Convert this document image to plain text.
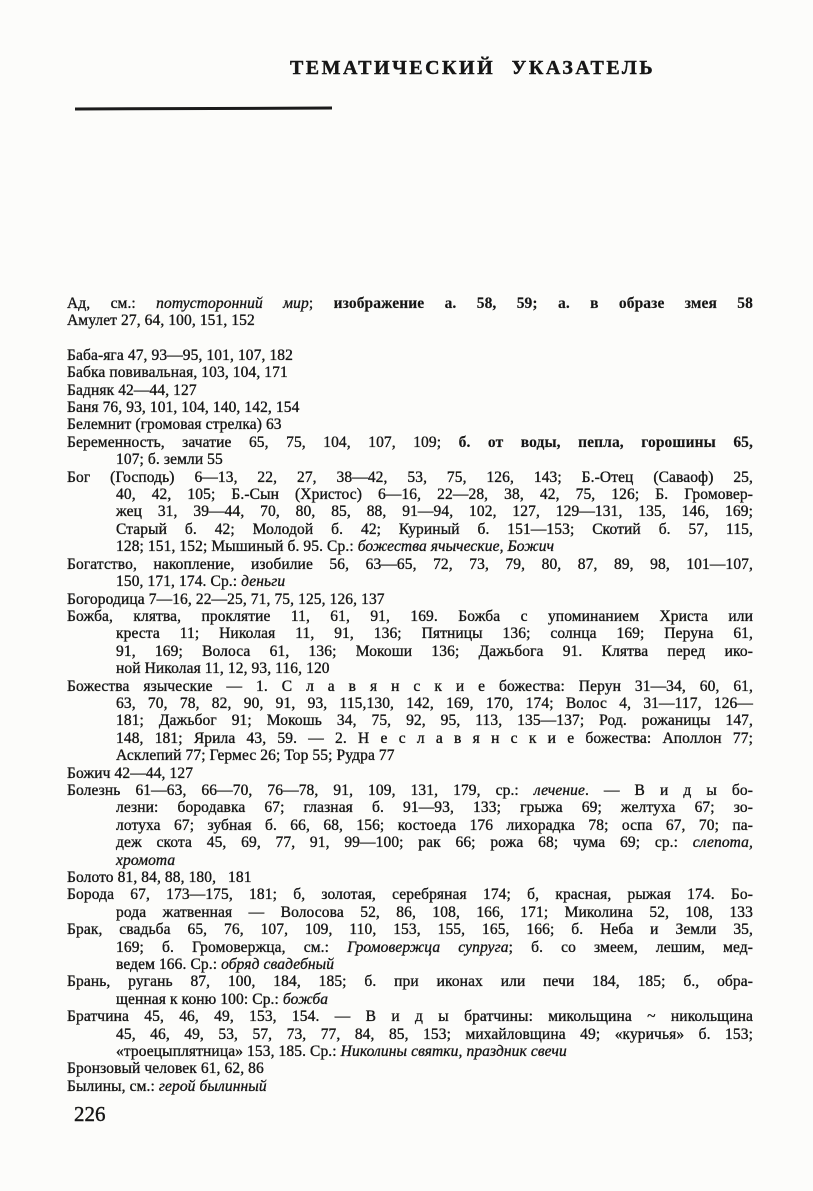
ТЕМАТИЧЕСКИЙ УКАЗАТЕЛЬ
Ад, см.: потусторонний мир; изображение а. 58, 59; а. в образе змея 58
Амулет 27, 64, 100, 151, 152
Баба-яга 47, 93—95, 101, 107, 182
Бабка повивальная, 103, 104, 171
Бадняк 42—44, 127
Баня 76, 93, 101, 104, 140, 142, 154
Белемнит (громовая стрелка) 63
Беременность, зачатие 65, 75, 104, 107, 109; б. от воды, пепла, горошины 65,
107; б. земли 55
Бог (Господь) 6—13, 22, 27, 38—42, 53, 75, 126, 143; Б.-Отец (Саваоф) 25,
40, 42, 105; Б.-Сын (Христос) 6—16, 22—28, 38, 42, 75, 126; Б. Громовер-
жец 31, 39—44, 70, 80, 85, 88, 91—94, 102, 127, 129—131, 135, 146, 169;
Старый б. 42; Молодой б. 42; Куриный б. 151—153; Скотий б. 57, 115,
128; 151, 152; Мышиный б. 95. Ср.: божества ячыческие, Божич
Богатство, накопление, изобилие 56, 63—65, 72, 73, 79, 80, 87, 89, 98, 101—107,
150, 171, 174. Ср.: деньги
Богородица 7—16, 22—25, 71, 75, 125, 126, 137
Божба, клятва, проклятие 11, 61, 91, 169. Божба с упоминанием Христа или
креста 11; Николая 11, 91, 136; Пятницы 136; солнца 169; Перуна 61,
91, 169; Волоса 61, 136; Мокоши 136; Дажьбога 91. Клятва перед ико-
ной Николая 11, 12, 93, 116, 120
Божества языческие — 1. С л а в я н с к и е божества: Перун 31—34, 60, 61,
63, 70, 78, 82, 90, 91, 93, 115,130, 142, 169, 170, 174; Волос 4, 31—117, 126—
181; Дажьбог 91; Мокошь 34, 75, 92, 95, 113, 135—137; Род. рожаницы 147,
148, 181; Ярила 43, 59. — 2. Н е с л а в я н с к и е божества: Аполлон 77;
Асклепий 77; Гермес 26; Тор 55; Рудра 77
Божич 42—44, 127
Болезнь 61—63, 66—70, 76—78, 91, 109, 131, 179, ср.: лечение. — В и д ы бо-
лезни: бородавка 67; глазная б. 91—93, 133; грыжа 69; желтуха 67; зо-
лотуха 67; зубная б. 66, 68, 156; костоеда 176 лихорадка 78; оспа 67, 70; па-
деж скота 45, 69, 77, 91, 99—100; рак 66; рожа 68; чума 69; ср.: слепота,
хромота
Болото 81, 84, 88, 180,   181
Борода 67, 173—175, 181; б, золотая, серебряная 174; б, красная, рыжая 174. Бо-
рода жатвенная — Волосова 52, 86, 108, 166, 171; Миколина 52, 108, 133
Брак, свадьба 65, 76, 107, 109, 110, 153, 155, 165, 166; б. Неба и Земли 35,
169; б. Громовержца, см.: Громовержца супруга; б. со змеем, лешим, мед-
ведем 166. Ср.: обряд свадебный
Брань, ругань 87, 100, 184, 185; б. при иконах или печи 184, 185; б., обра-
щенная к коню 100: Ср.: божба
Братчина 45, 46, 49, 153, 154. — В и д ы братчины: микольщина ~ никольщина
45, 46, 49, 53, 57, 73, 77, 84, 85, 153; михайловщина 49; «куричья» б. 153;
«троецыплятница» 153, 185. Ср.: Николины святки, праздник свечи
Бронзовый человек 61, 62, 86
Былины, см.: герой былинный
226
